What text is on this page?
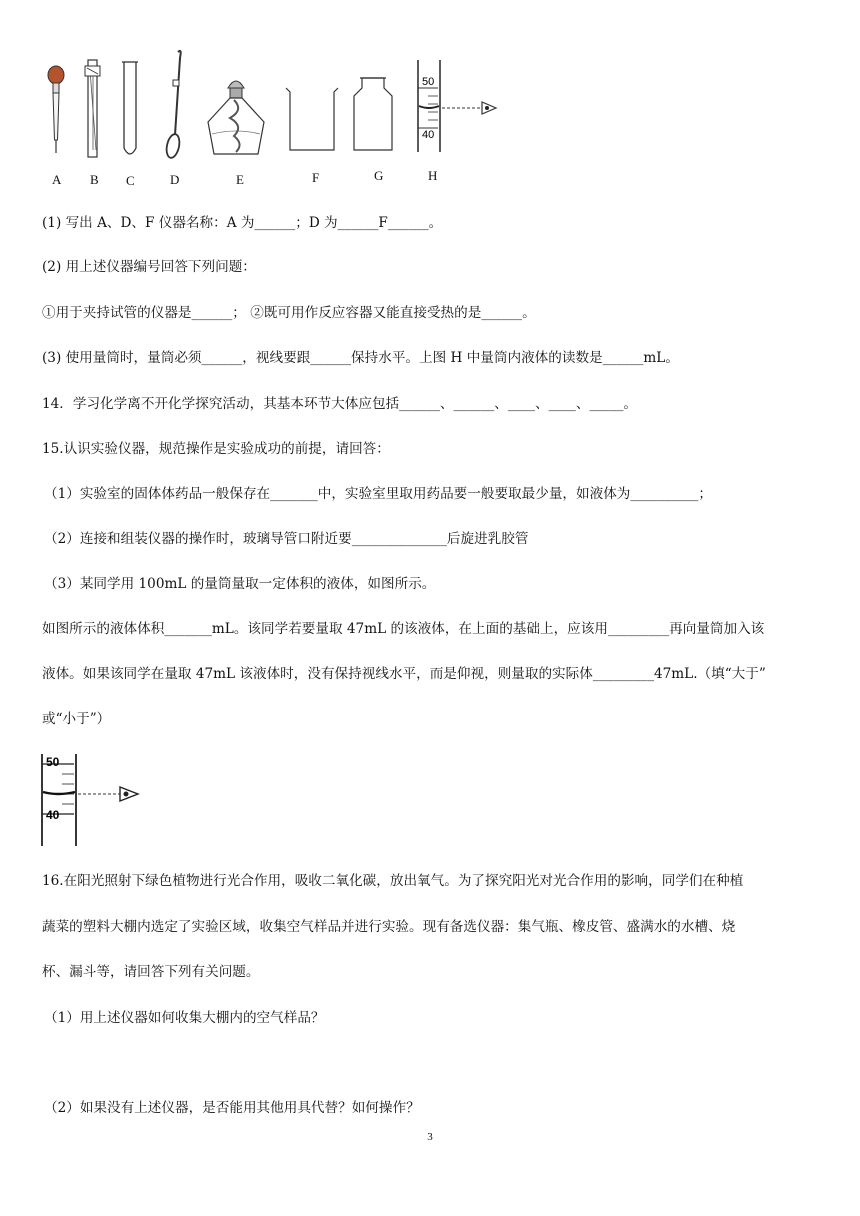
50
40
A B C	D	E	F	G	H
(1) 写出 A、D、F 仪器名称：A 为______；D 为______F______。
(2) 用上述仪器编号回答下列问题：
①用于夹持试管的仪器是______； ②既可用作反应容器又能直接受热的是______。
(3) 使用量筒时，量筒必须______，视线要跟______保持水平。上图 H 中量筒内液体的读数是______mL。
14．学习化学离不开化学探究活动，其基本环节大体应包括______、______、____、____、_____。
15.认识实验仪器，规范操作是实验成功的前提，请回答：
（1）实验室的固体体药品一般保存在_______中，实验室里取用药品要一般要取最少量，如液体为__________；
（2）连接和组装仪器的操作时，玻璃导管口附近要______________后旋进乳胶管
（3）某同学用 100mL 的量筒量取一定体积的液体，如图所示。
如图所示的液体体积_______mL。该同学若要量取 47mL 的该液体，在上面的基础上，应该用_________再向量筒加入该
液体。如果该同学在量取 47mL 该液体时，没有保持视线水平，而是仰视，则量取的实际体_________47mL.（填“大于”
或“小于”）
50
40
16.在阳光照射下绿色植物进行光合作用，吸收二氧化碳，放出氧气。为了探究阳光对光合作用的影响，同学们在种植
蔬菜的塑料大棚内选定了实验区域，收集空气样品并进行实验。现有备选仪器：集气瓶、橡皮管、盛满水的水槽、烧
杯、漏斗等，请回答下列有关问题。
（1）用上述仪器如何收集大棚内的空气样品？
（2）如果没有上述仪器，是否能用其他用具代替？如何操作？
3
